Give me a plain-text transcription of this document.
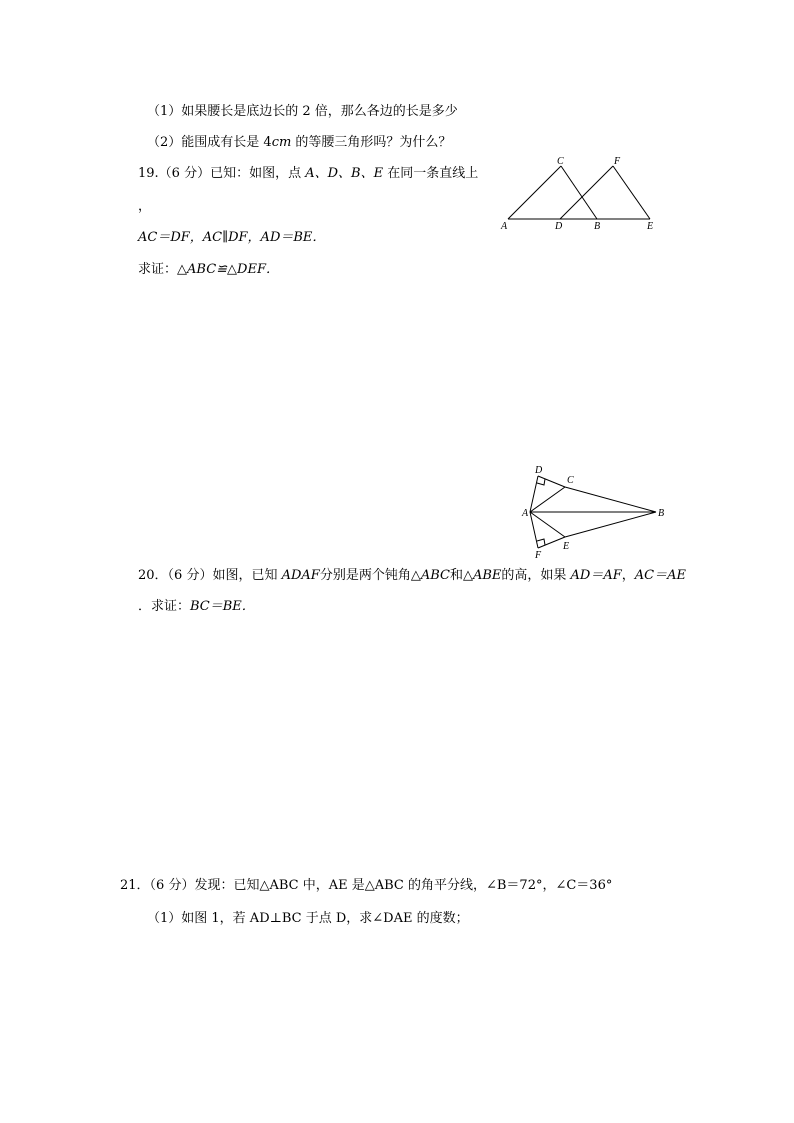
（1）如果腰长是底边长的 2 倍，那么各边的长是多少
（2）能围成有长是 4cm 的等腰三角形吗？为什么？
19.（6 分）已知：如图，点 A、D、B、E 在同一条直线上
，
AC＝DF，AC∥DF，AD＝BE．
求证：△ABC≌△DEF．
A	D	B	E
C	F
D
C
A	B
F
E
20．（6 分）如图，已知 ADAF分别是两个钝角△ABC和△ABE的高，如果 AD＝AF，AC＝AE
．求证：BC＝BE．
21．（6 分）发现：已知△ABC 中，AE 是△ABC 的角平分线，∠B＝72°，∠C＝36°
（1）如图 1，若 AD⊥BC 于点 D，求∠DAE 的度数；
